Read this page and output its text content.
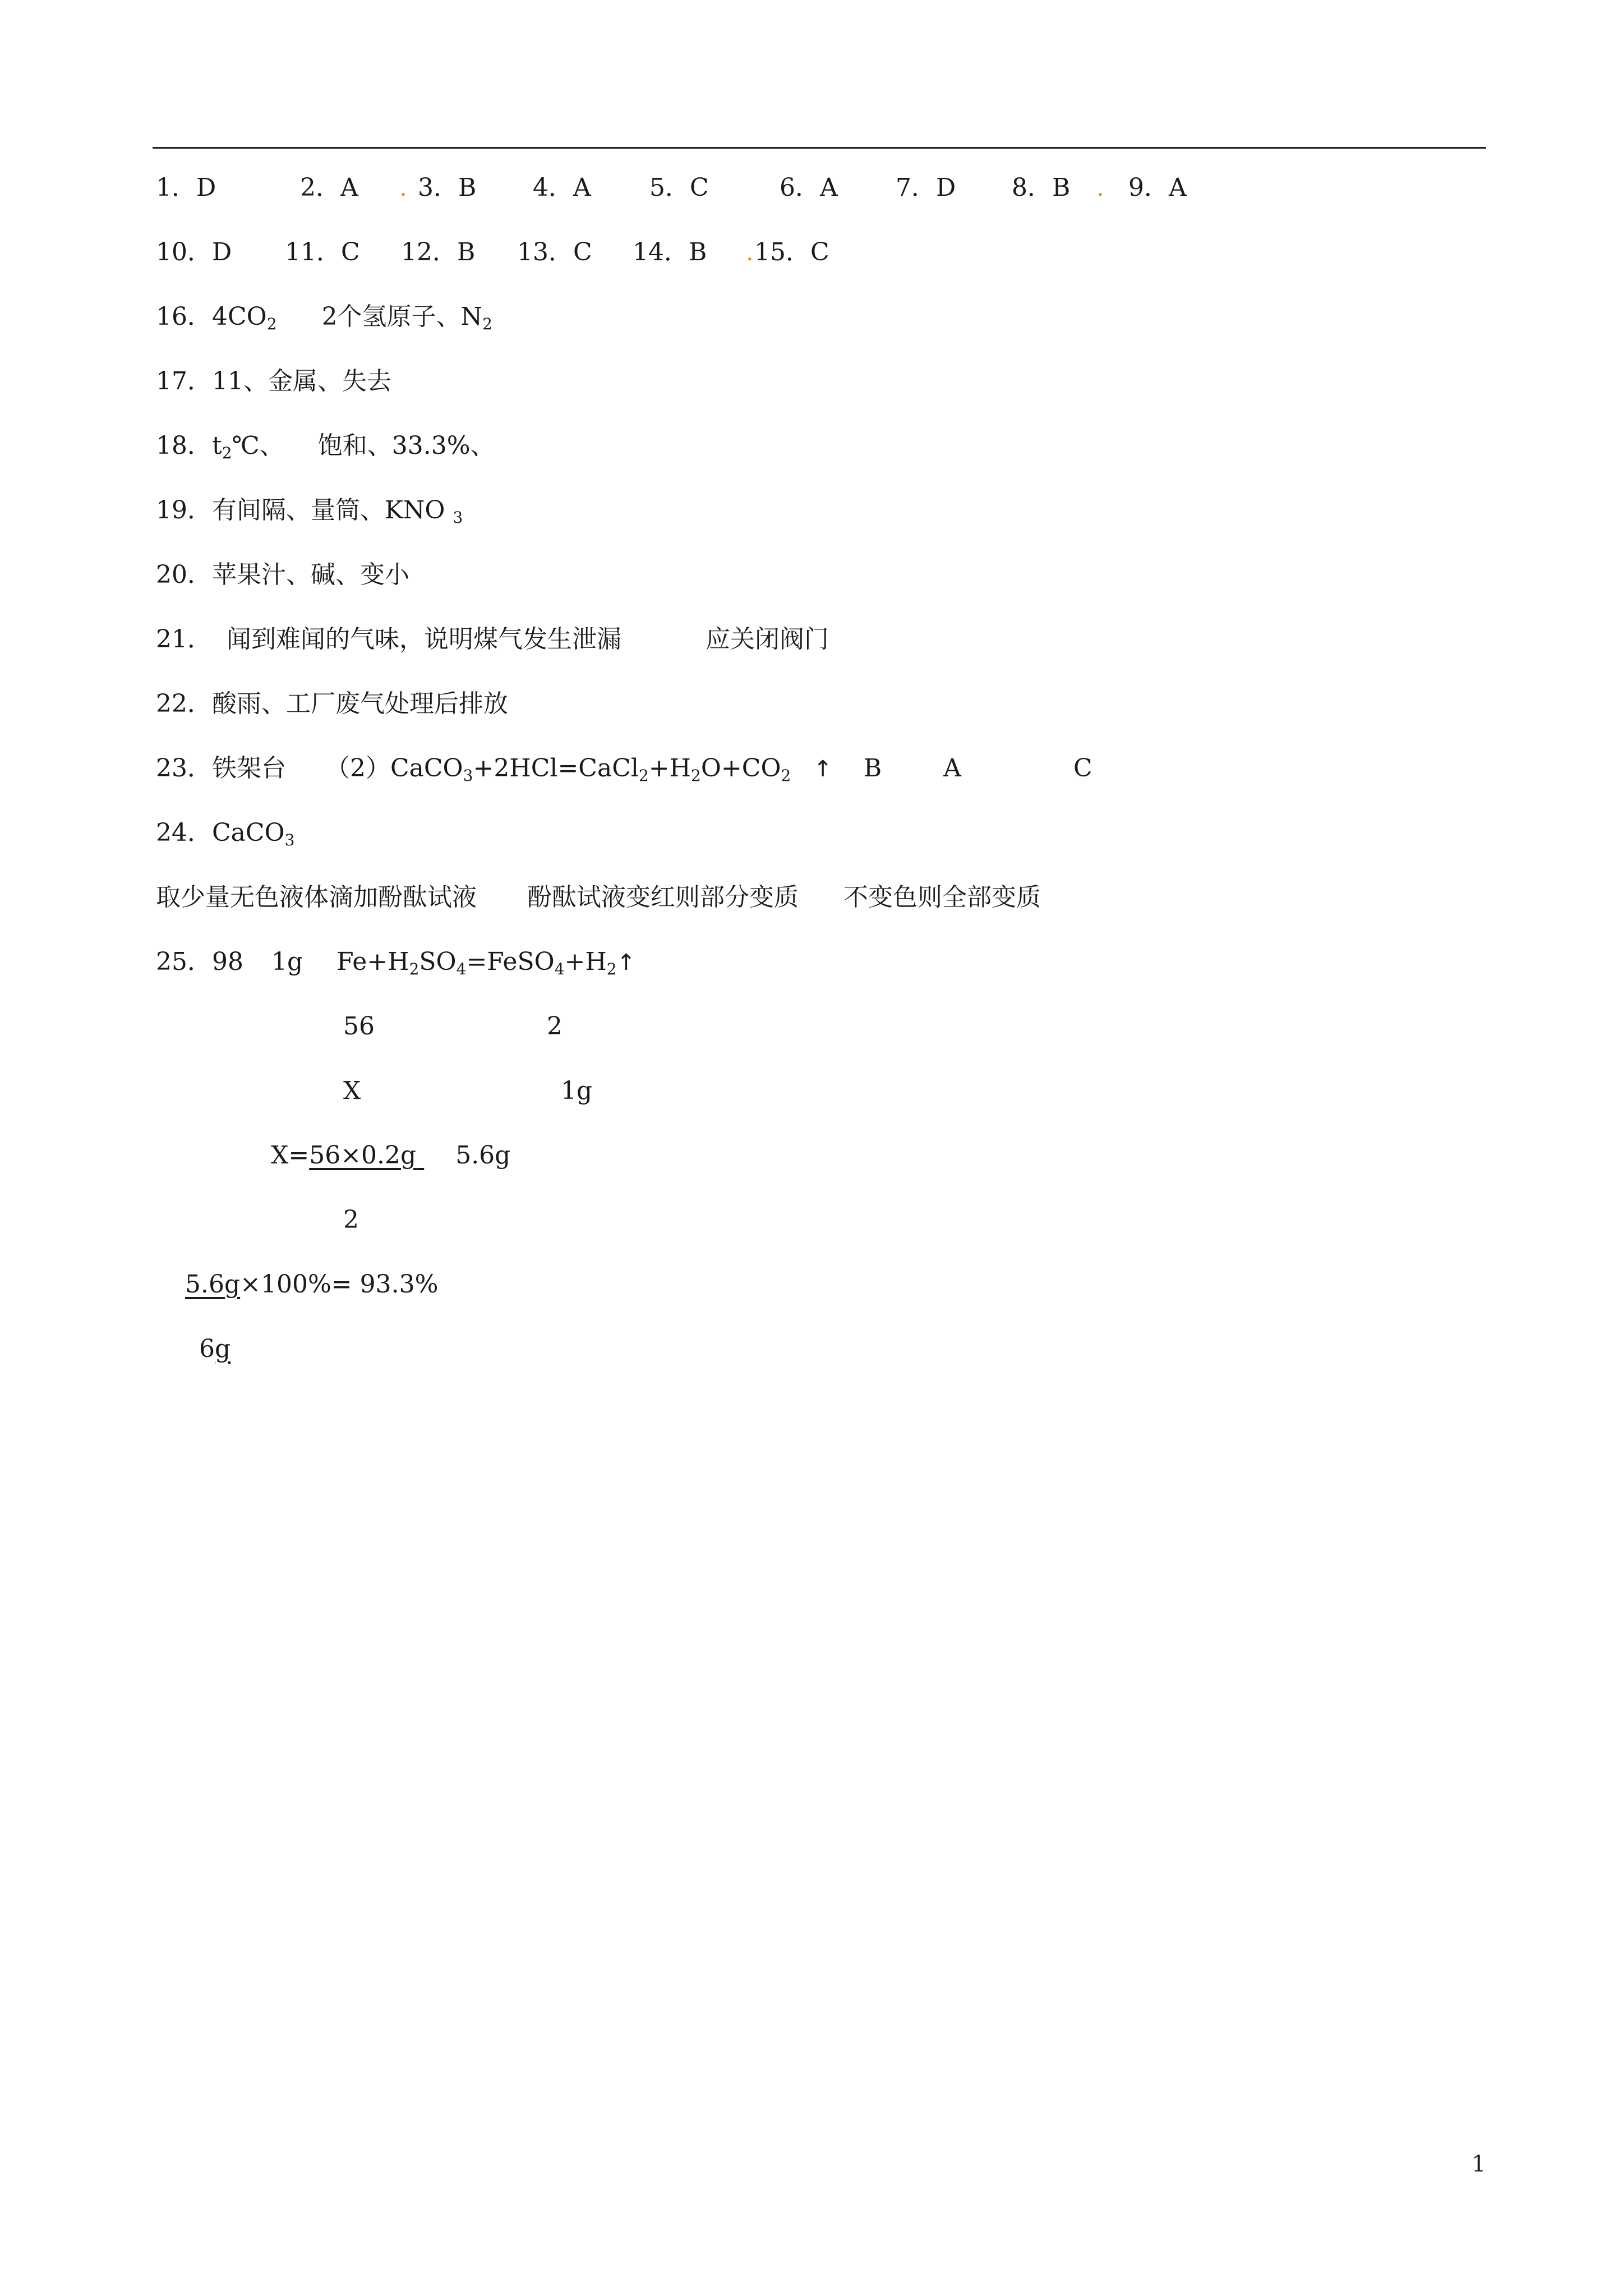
1．D	2．A . 3．B 4．A 5．C	6．A 7．D 8．B . 9．A
10．D 11．C 12．B 13．C 14．B . 15．C
16．$4CO_2$ 2个氢原子、$N_2$
17．11、金属、失去
18．$t_2℃$、 饱和、33.3%、
19．有间隔、量筒、KNO $_3$
20．苹果汁、碱、变小
21． 闻到难闻的气味，说明煤气发生泄漏	应关闭阀门
22．酸雨、工厂废气处理后排放
23．铁架台 $(2)CaCO_3+2HCl=CaCl_2+H_2O+CO_2$ ↑ B	A	C
24．CaCO$_3$
取少量无色液体滴加酚酞试液 酚酞试液变红则部分变质 不变色则全部变质
25．98 1g $Fe+H_2SO_4=FeSO_4+H_2↑$
56	2
X	1g
X=56×0.2g 5.6g
2
5.6g×100%= 93.3%
6g
1
